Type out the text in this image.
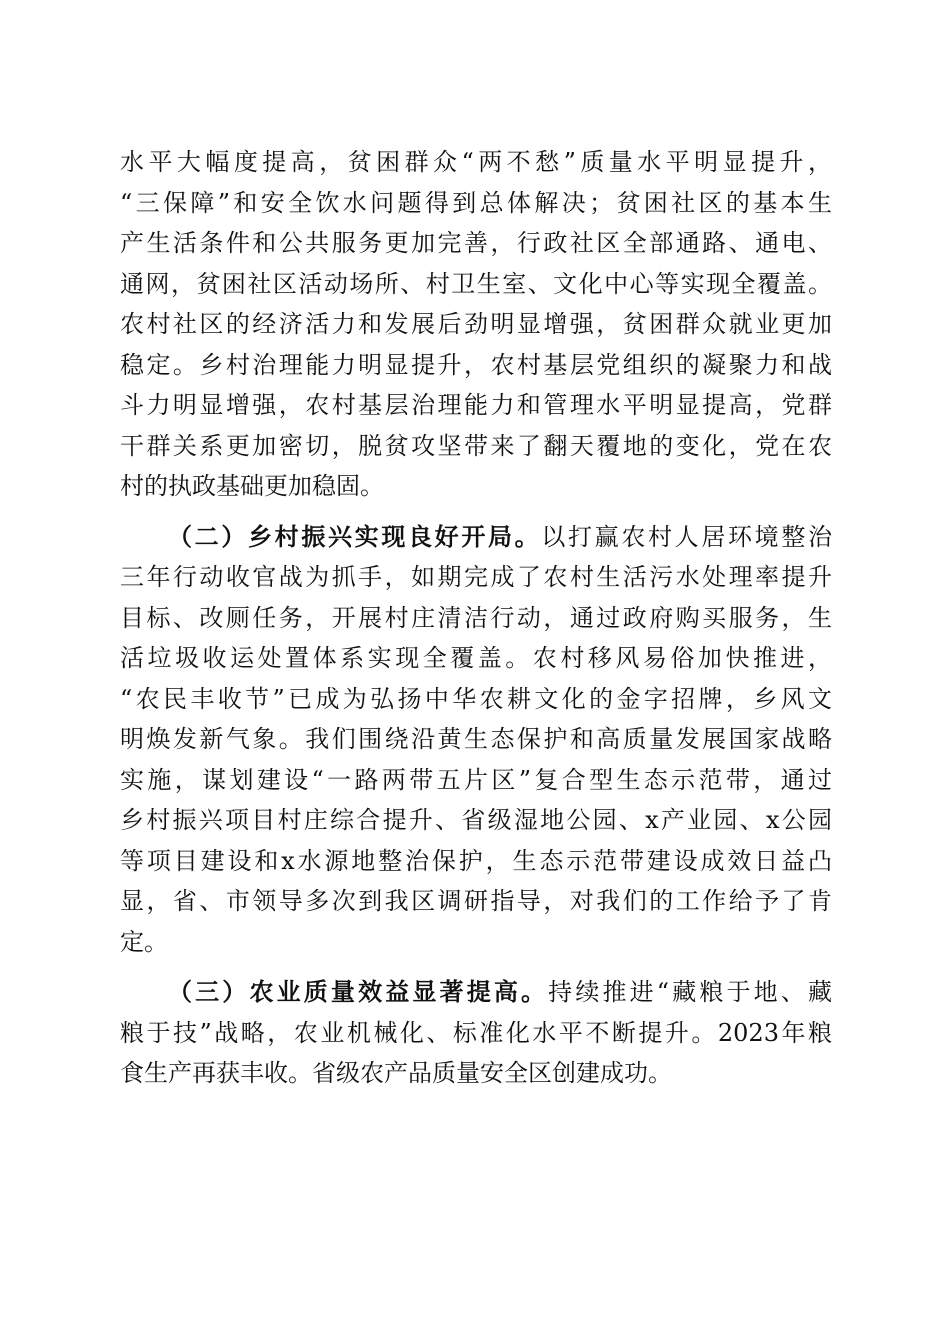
水平大幅度提高，贫困群众“两不愁”质量水平明显提升，
“三保障”和安全饮水问题得到总体解决；贫困社区的基本生
产生活条件和公共服务更加完善，行政社区全部通路、通电、
通网，贫困社区活动场所、村卫生室、文化中心等实现全覆盖。
农村社区的经济活力和发展后劲明显增强，贫困群众就业更加
稳定。乡村治理能力明显提升，农村基层党组织的凝聚力和战
斗力明显增强，农村基层治理能力和管理水平明显提高，党群
干群关系更加密切，脱贫攻坚带来了翻天覆地的变化，党在农
村的执政基础更加稳固。
（二）乡村振兴实现良好开局。以打赢农村人居环境整治
三年行动收官战为抓手，如期完成了农村生活污水处理率提升
目标、改厕任务，开展村庄清洁行动，通过政府购买服务，生
活垃圾收运处置体系实现全覆盖。农村移风易俗加快推进，
“农民丰收节”已成为弘扬中华农耕文化的金字招牌，乡风文
明焕发新气象。我们围绕沿黄生态保护和高质量发展国家战略
实施，谋划建设“一路两带五片区”复合型生态示范带，通过
乡村振兴项目村庄综合提升、省级湿地公园、x产业园、x公园
等项目建设和x水源地整治保护，生态示范带建设成效日益凸
显，省、市领导多次到我区调研指导，对我们的工作给予了肯
定。
（三）农业质量效益显著提高。持续推进“藏粮于地、藏
粮于技”战略，农业机械化、标准化水平不断提升。2023年粮
食生产再获丰收。省级农产品质量安全区创建成功。
